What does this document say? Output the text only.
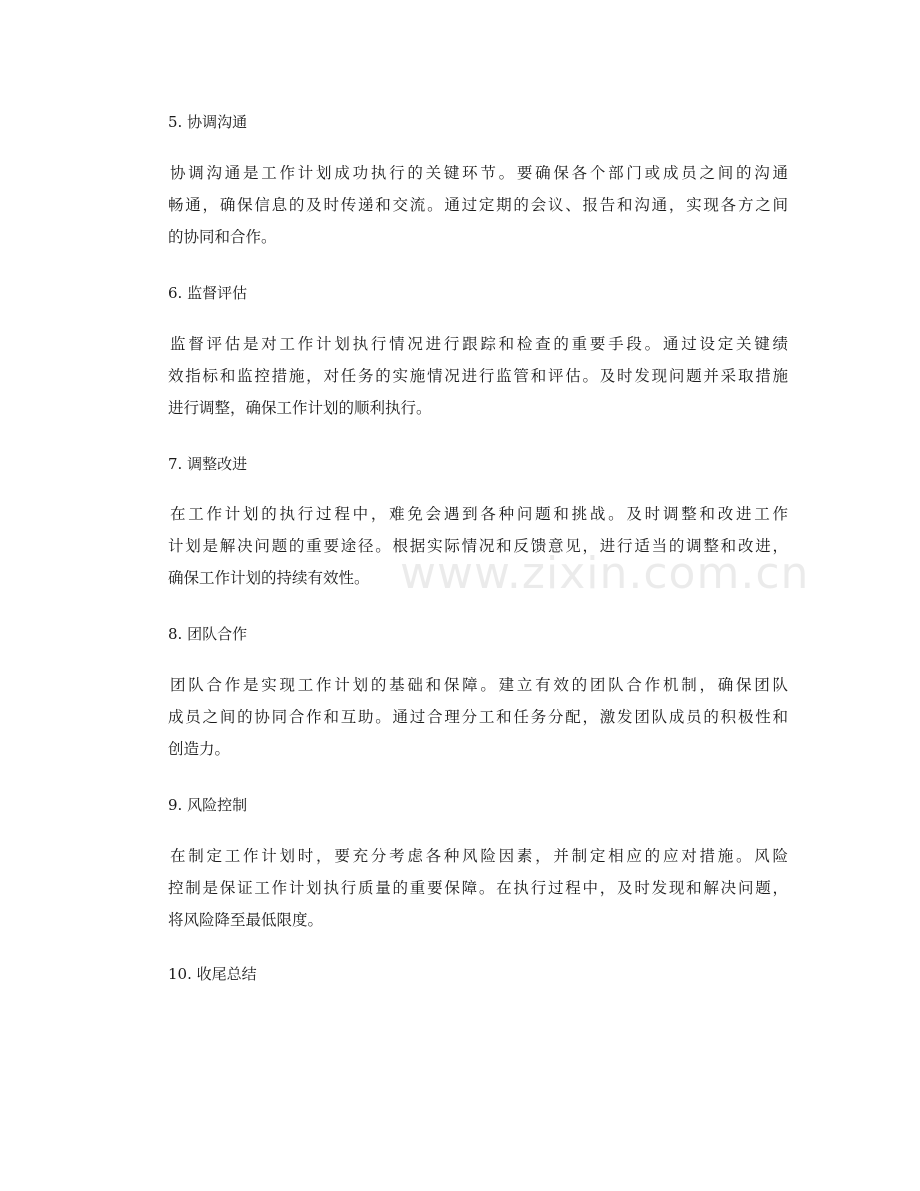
5. 协调沟通
协调沟通是工作计划成功执行的关键环节。要确保各个部门或成员之间的沟通
畅通，确保信息的及时传递和交流。通过定期的会议、报告和沟通，实现各方之间
的协同和合作。
6. 监督评估
监督评估是对工作计划执行情况进行跟踪和检查的重要手段。通过设定关键绩
效指标和监控措施，对任务的实施情况进行监管和评估。及时发现问题并采取措施
进行调整，确保工作计划的顺利执行。
7. 调整改进
在工作计划的执行过程中，难免会遇到各种问题和挑战。及时调整和改进工作
计划是解决问题的重要途径。根据实际情况和反馈意见，进行适当的调整和改进，
确保工作计划的持续有效性。
8. 团队合作
团队合作是实现工作计划的基础和保障。建立有效的团队合作机制，确保团队
成员之间的协同合作和互助。通过合理分工和任务分配，激发团队成员的积极性和
创造力。
9. 风险控制
在制定工作计划时，要充分考虑各种风险因素，并制定相应的应对措施。风险
控制是保证工作计划执行质量的重要保障。在执行过程中，及时发现和解决问题，
将风险降至最低限度。
10. 收尾总结
www.zixin.com.cn
